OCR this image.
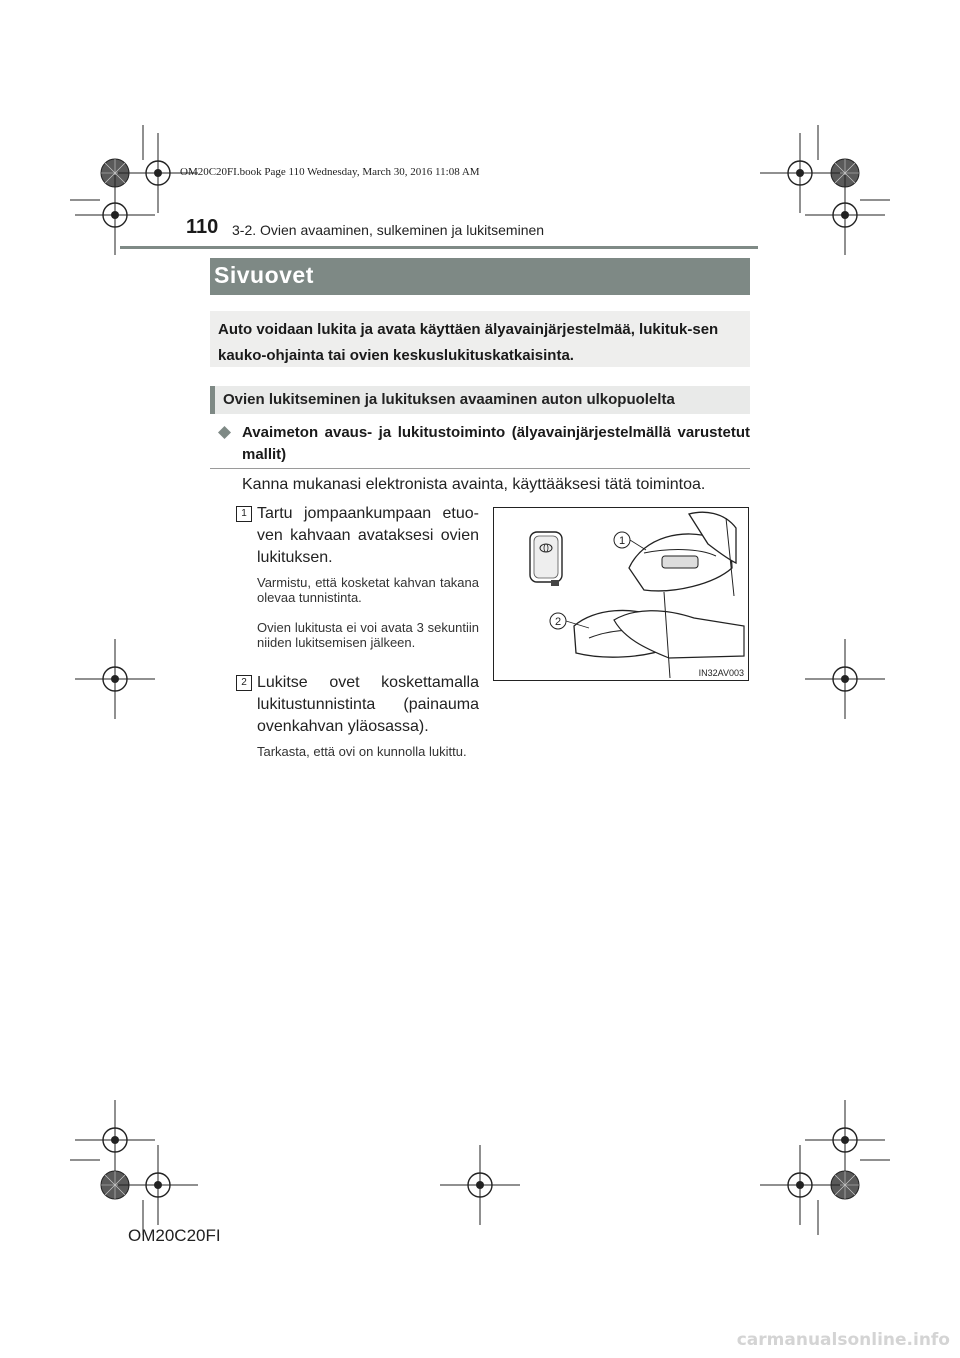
OM20C20FI.book Page 110 Wednesday, March 30, 2016 11:08 AM
110 3-2. Ovien avaaminen, sulkeminen ja lukitseminen
Sivuovet

Auto voidaan lukita ja avata käyttäen älyavainjärjestelmää, lukituk-sen kauko-ohjainta tai ovien keskuslukituskatkaisinta.

Ovien lukitseminen ja lukituksen avaaminen auton ulkopuolelta
Avaimeton avaus- ja lukitustoiminto (älyavainjärjestelmällä varustetut mallit)
Kanna mukanasi elektronista avainta, käyttääksesi tätä toimintoa.
1 Tartu jompaankumpaan etuo-ven kahvaan avataksesi ovien lukituksen.
Varmistu, että kosketat kahvan takana olevaa tunnistinta.
Ovien lukitusta ei voi avata 3 sekuntiin niiden lukitsemisen jälkeen.
2 Lukitse ovet koskettamalla lukitustunnistinta (painauma ovenkahvan yläosassa).
Tarkasta, että ovi on kunnolla lukittu.
1
2
IN32AV003
OM20C20FI
carmanualsonline.info
